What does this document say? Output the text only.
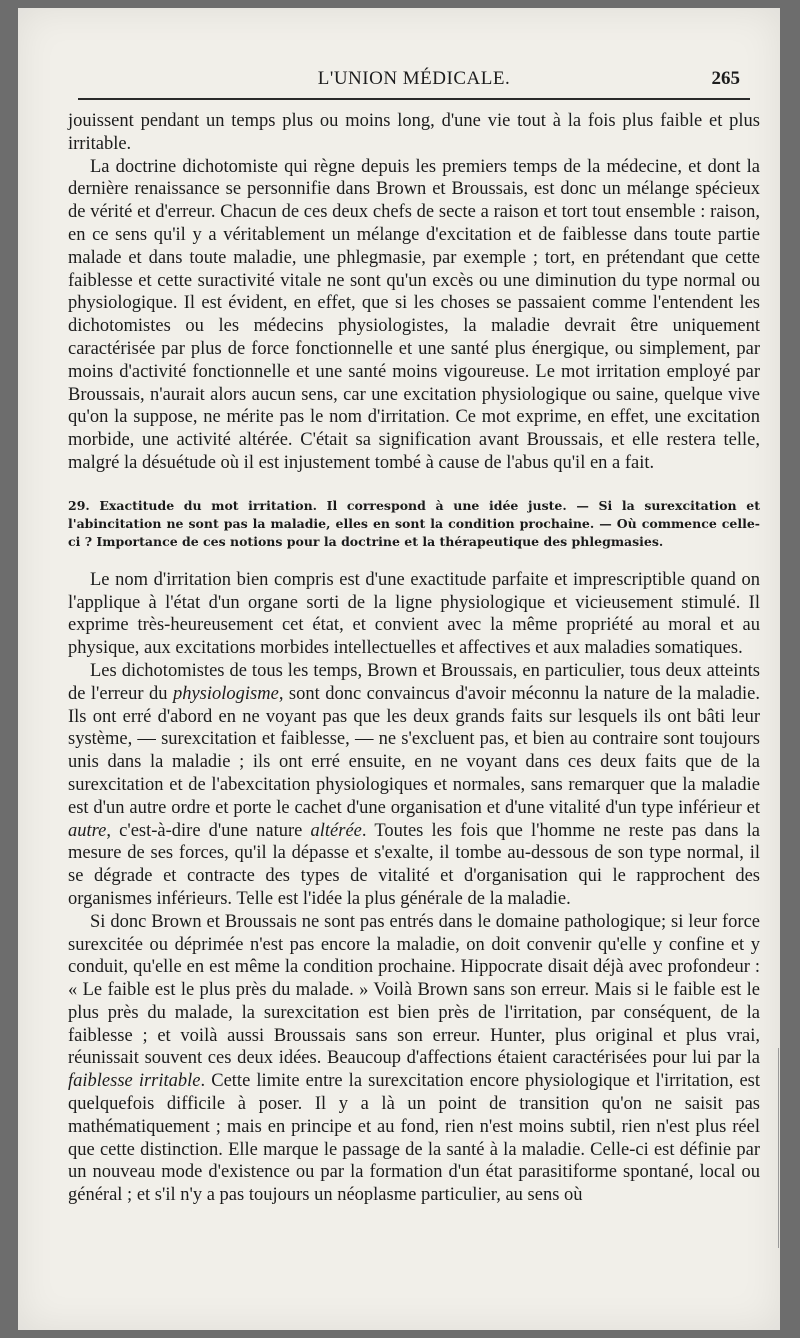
L'UNION MÉDICALE.	265

jouissent pendant un temps plus ou moins long, d'une vie tout à la fois plus faible et plus irritable.

La doctrine dichotomiste qui règne depuis les premiers temps de la médecine, et dont la dernière renaissance se personnifie dans Brown et Broussais, est donc un mélange spécieux de vérité et d'erreur. Chacun de ces deux chefs de secte a raison et tort tout ensemble : raison, en ce sens qu'il y a véritablement un mélange d'excitation et de faiblesse dans toute partie malade et dans toute maladie, une phlegmasie, par exemple ; tort, en prétendant que cette faiblesse et cette suractivité vitale ne sont qu'un excès ou une diminution du type normal ou physiologique. Il est évident, en effet, que si les choses se passaient comme l'entendent les dichotomistes ou les médecins physiologistes, la maladie devrait être uniquement caractérisée par plus de force fonctionnelle et une santé plus énergique, ou simplement, par moins d'activité fonctionnelle et une santé moins vigoureuse. Le mot irritation employé par Broussais, n'aurait alors aucun sens, car une excitation physiologique ou saine, quelque vive qu'on la suppose, ne mérite pas le nom d'irritation. Ce mot exprime, en effet, une excitation morbide, une activité altérée. C'était sa signification avant Broussais, et elle restera telle, malgré la désuétude où il est injustement tombé à cause de l'abus qu'il en a fait.

29. Exactitude du mot irritation. Il correspond à une idée juste. — Si la surexcitation et l'abincitation ne sont pas la maladie, elles en sont la condition prochaine. — Où commence celle-ci ? Importance de ces notions pour la doctrine et la thérapeutique des phlegmasies.

Le nom d'irritation bien compris est d'une exactitude parfaite et imprescriptible quand on l'applique à l'état d'un organe sorti de la ligne physiologique et vicieusement stimulé. Il exprime très-heureusement cet état, et convient avec la même propriété au moral et au physique, aux excitations morbides intellectuelles et affectives et aux maladies somatiques.

Les dichotomistes de tous les temps, Brown et Broussais, en particulier, tous deux atteints de l'erreur du physiologisme, sont donc convaincus d'avoir méconnu la nature de la maladie. Ils ont erré d'abord en ne voyant pas que les deux grands faits sur lesquels ils ont bâti leur système, — surexcitation et faiblesse, — ne s'excluent pas, et bien au contraire sont toujours unis dans la maladie ; ils ont erré ensuite, en ne voyant dans ces deux faits que de la surexcitation et de l'abexcitation physiologiques et normales, sans remarquer que la maladie est d'un autre ordre et porte le cachet d'une organisation et d'une vitalité d'un type inférieur et autre, c'est-à-dire d'une nature altérée. Toutes les fois que l'homme ne reste pas dans la mesure de ses forces, qu'il la dépasse et s'exalte, il tombe au-dessous de son type normal, il se dégrade et contracte des types de vitalité et d'organisation qui le rapprochent des organismes inférieurs. Telle est l'idée la plus générale de la maladie.

Si donc Brown et Broussais ne sont pas entrés dans le domaine pathologique; si leur force surexcitée ou déprimée n'est pas encore la maladie, on doit convenir qu'elle y confine et y conduit, qu'elle en est même la condition prochaine. Hippocrate disait déjà avec profondeur : « Le faible est le plus près du malade. » Voilà Brown sans son erreur. Mais si le faible est le plus près du malade, la surexcitation est bien près de l'irritation, par conséquent, de la faiblesse ; et voilà aussi Broussais sans son erreur. Hunter, plus original et plus vrai, réunissait souvent ces deux idées. Beaucoup d'affections étaient caractérisées pour lui par la faiblesse irritable. Cette limite entre la surexcitation encore physiologique et l'irritation, est quelquefois difficile à poser. Il y a là un point de transition qu'on ne saisit pas mathématiquement ; mais en principe et au fond, rien n'est moins subtil, rien n'est plus réel que cette distinction. Elle marque le passage de la santé à la maladie. Celle-ci est définie par un nouveau mode d'existence ou par la formation d'un état parasitiforme spontané, local ou général ; et s'il n'y a pas toujours un néoplasme particulier, au sens où
